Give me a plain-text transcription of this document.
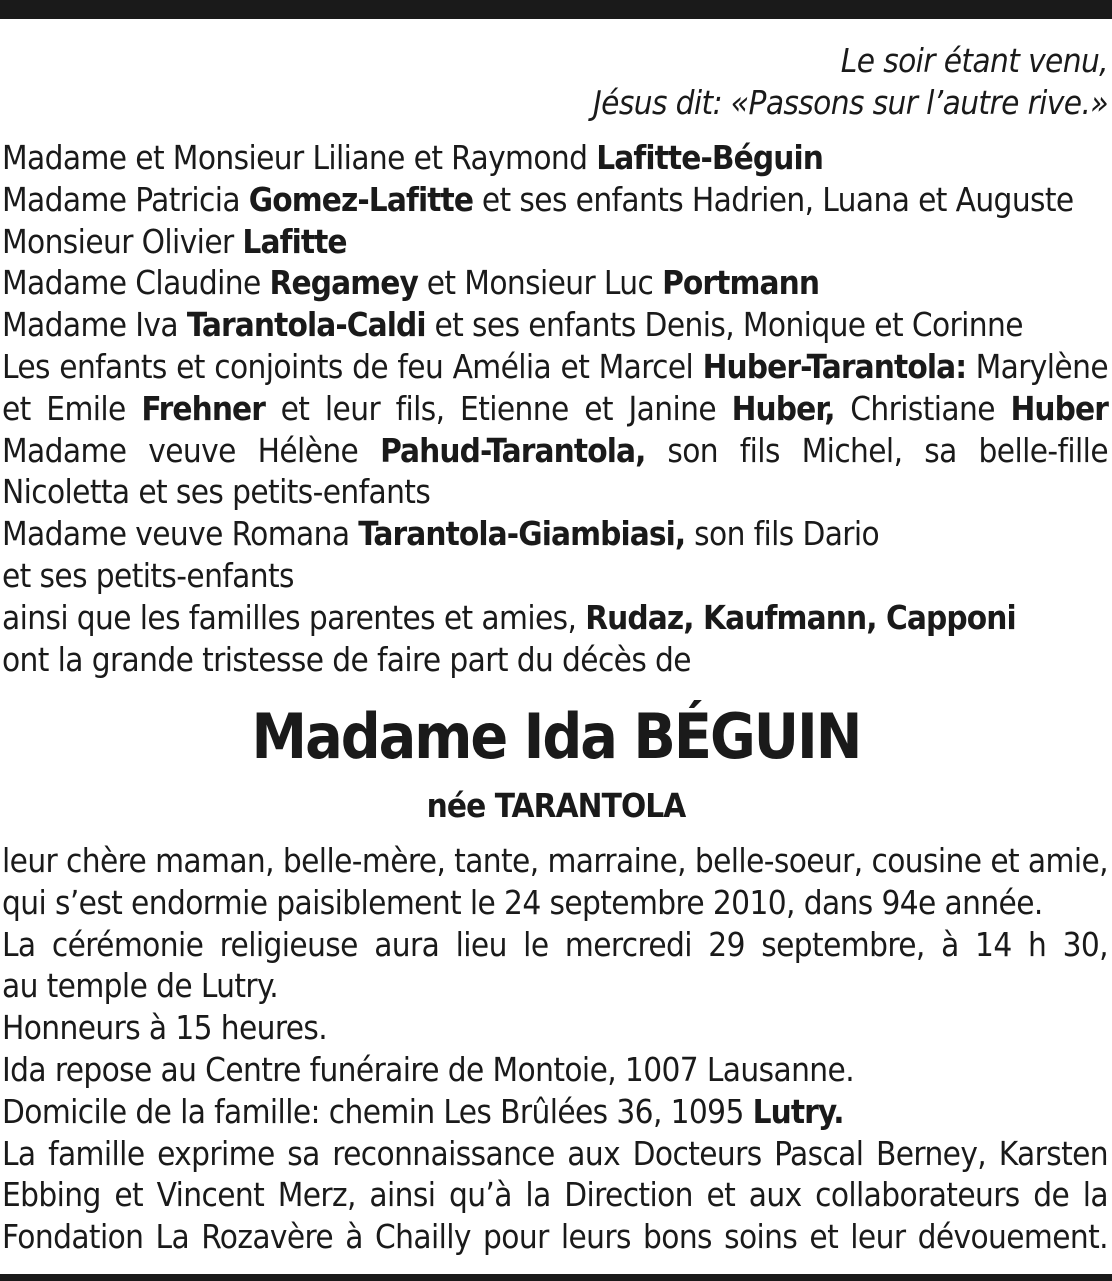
Le soir étant venu,
Jésus dit: «Passons sur l’autre rive.»
Madame et Monsieur Liliane et Raymond Lafitte-Béguin
Madame Patricia Gomez-Lafitte et ses enfants Hadrien, Luana et Auguste
Monsieur Olivier Lafitte
Madame Claudine Regamey et Monsieur Luc Portmann
Madame Iva Tarantola-Caldi et ses enfants Denis, Monique et Corinne
Les enfants et conjoints de feu Amélia et Marcel Huber-Tarantola: Marylène
et Emile Frehner et leur fils, Etienne et Janine Huber, Christiane Huber
Madame veuve Hélène Pahud-Tarantola, son fils Michel, sa belle-fille
Nicoletta et ses petits-enfants
Madame veuve Romana Tarantola-Giambiasi, son fils Dario
et ses petits-enfants
ainsi que les familles parentes et amies, Rudaz, Kaufmann, Capponi
ont la grande tristesse de faire part du décès de
Madame Ida BÉGUIN
née TARANTOLA
leur chère maman, belle-mère, tante, marraine, belle-soeur, cousine et amie,
qui s’est endormie paisiblement le 24 septembre 2010, dans 94e année.
La cérémonie religieuse aura lieu le mercredi 29 septembre, à 14 h 30,
au temple de Lutry.
Honneurs à 15 heures.
Ida repose au Centre funéraire de Montoie, 1007 Lausanne.
Domicile de la famille: chemin Les Brûlées 36, 1095 Lutry.
La famille exprime sa reconnaissance aux Docteurs Pascal Berney, Karsten
Ebbing et Vincent Merz, ainsi qu’à la Direction et aux collaborateurs de la
Fondation La Rozavère à Chailly pour leurs bons soins et leur dévouement.
